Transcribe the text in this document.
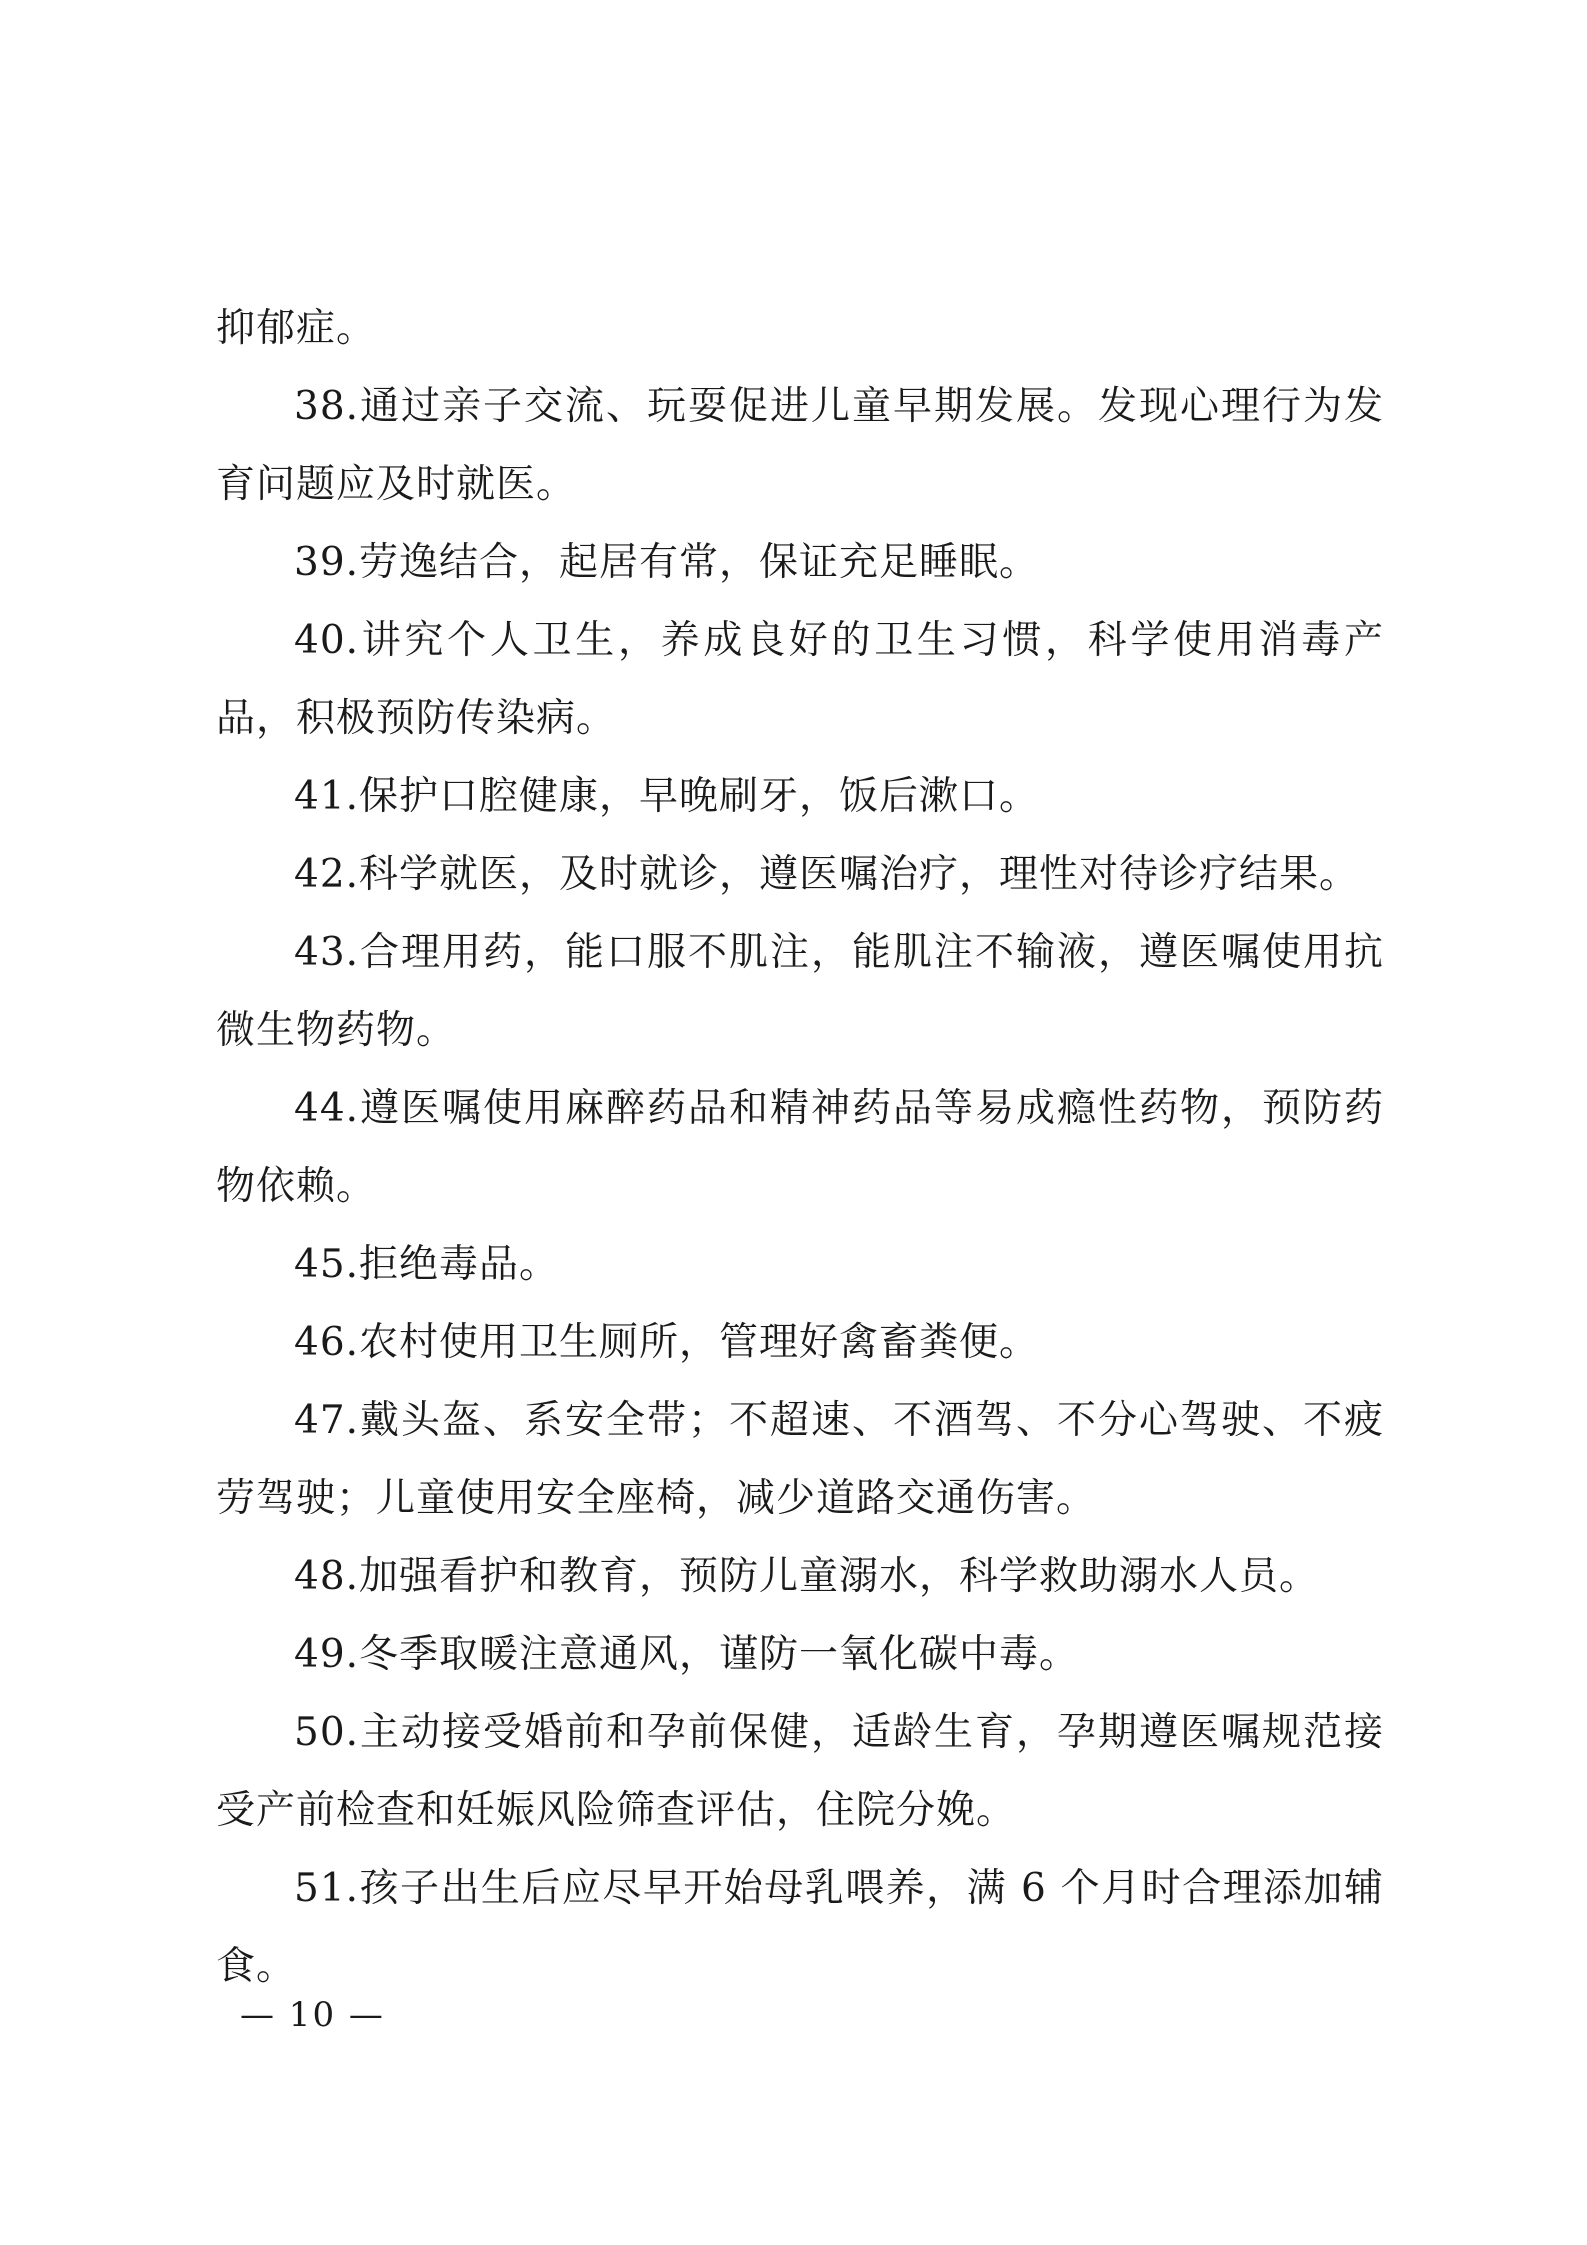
抑郁症。

38.通过亲子交流、玩耍促进儿童早期发展。发现心理行为发育问题应及时就医。

39.劳逸结合，起居有常，保证充足睡眠。

40.讲究个人卫生，养成良好的卫生习惯，科学使用消毒产品，积极预防传染病。

41.保护口腔健康，早晚刷牙，饭后漱口。

42.科学就医，及时就诊，遵医嘱治疗，理性对待诊疗结果。

43.合理用药，能口服不肌注，能肌注不输液，遵医嘱使用抗微生物药物。

44.遵医嘱使用麻醉药品和精神药品等易成瘾性药物，预防药物依赖。

45.拒绝毒品。

46.农村使用卫生厕所，管理好禽畜粪便。

47.戴头盔、系安全带；不超速、不酒驾、不分心驾驶、不疲劳驾驶；儿童使用安全座椅，减少道路交通伤害。

48.加强看护和教育，预防儿童溺水，科学救助溺水人员。

49.冬季取暖注意通风，谨防一氧化碳中毒。

50.主动接受婚前和孕前保健，适龄生育，孕期遵医嘱规范接受产前检查和妊娠风险筛查评估，住院分娩。

51.孩子出生后应尽早开始母乳喂养，满 6 个月时合理添加辅食。

— 10 —
